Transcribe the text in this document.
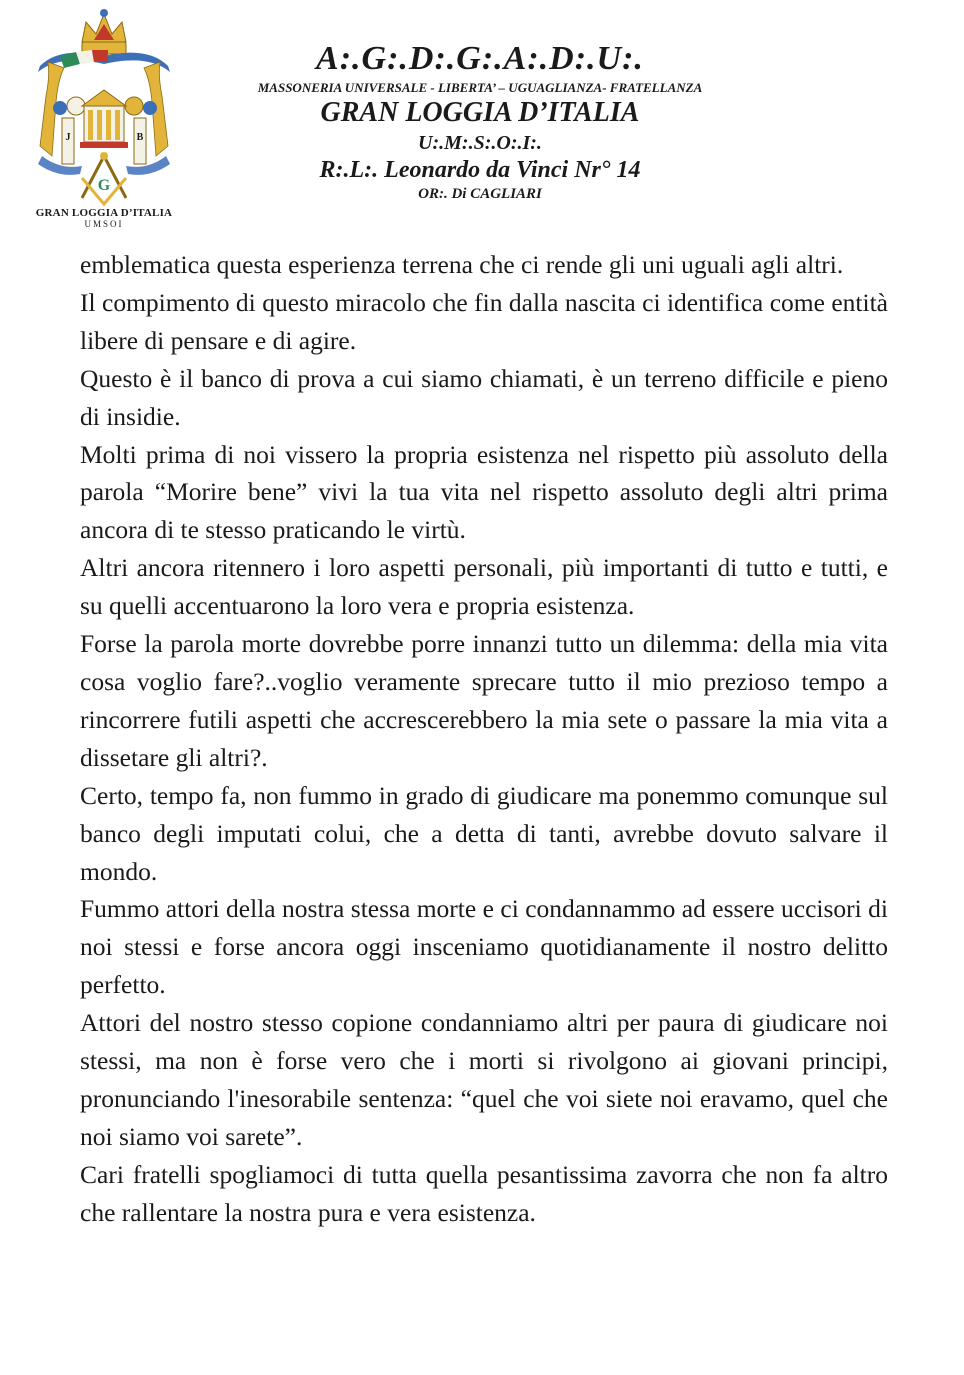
J	B
G
GRAN LOGGIA D’ITALIA
UMSOI
A:.G:.D:.G:.A:.D:.U:.
MASSONERIA UNIVERSALE - LIBERTA’ – UGUAGLIANZA- FRATELLANZA
GRAN LOGGIA D’ITALIA
U:.M:.S:.O:.I:.
R:.L:. Leonardo da Vinci Nr° 14
OR:. Di CAGLIARI

emblematica questa esperienza terrena che ci rende gli uni uguali agli altri.

Il compimento di questo miracolo che fin dalla nascita ci identifica come entità libere di pensare e di agire.

Questo è il banco di prova a cui siamo chiamati, è un terreno difficile e pieno di insidie.

Molti prima di noi vissero la propria esistenza nel rispetto più assoluto della parola “Morire bene” vivi la tua vita nel rispetto assoluto degli altri prima ancora di te stesso praticando le virtù.

Altri ancora ritennero i loro aspetti personali, più importanti di tutto e tutti, e su quelli accentuarono la loro vera e propria esistenza.

Forse la parola morte dovrebbe porre innanzi tutto un dilemma: della mia vita cosa voglio fare?..voglio veramente sprecare tutto il mio prezioso tempo a rincorrere futili aspetti che accrescerebbero la mia sete o passare la mia vita a dissetare gli altri?.

Certo, tempo fa, non fummo in grado di giudicare ma ponemmo comunque sul banco degli imputati colui, che a detta di tanti, avrebbe dovuto salvare il mondo.

Fummo attori della nostra stessa morte e ci condannammo ad essere uccisori di noi stessi e forse ancora oggi insceniamo quotidianamente il nostro delitto perfetto.

Attori del nostro stesso copione condanniamo altri per paura di giudicare noi stessi, ma non è forse vero che i morti si rivolgono ai giovani principi, pronunciando l'inesorabile sentenza: “quel che voi siete noi eravamo, quel che noi siamo voi sarete”.

Cari fratelli spogliamoci di tutta quella pesantissima zavorra che non fa altro che rallentare la nostra pura e vera esistenza.
